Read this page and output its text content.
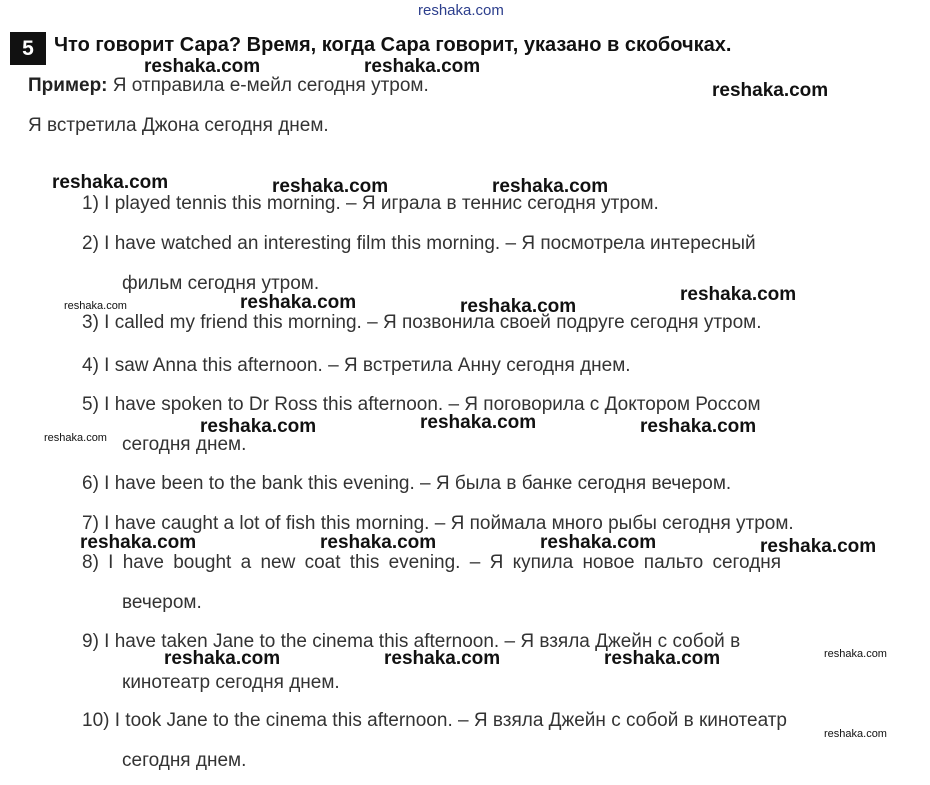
reshaka.com
5	Что говорит Сара? Время, когда Сара говорит, указано в скобочках.
Пример: Я отправила е-мейл сегодня утром.
Я встретила Джона сегодня днем.
1) I played tennis this morning. – Я играла в теннис сегодня утром.
2) I have watched an interesting film this morning. – Я посмотрела интересный
фильм сегодня утром.
3) I called my friend this morning. – Я позвонила своей подруге сегодня утром.
4) I saw Anna this afternoon. – Я встретила Анну сегодня днем.
5) I have spoken to Dr Ross this afternoon. – Я поговорила с Доктором Россом
сегодня днем.
6) I have been to the bank this evening. – Я была в банке сегодня вечером.
7) I have caught a lot of fish this morning. – Я поймала много рыбы сегодня утром.
8) I have bought a new coat this evening. – Я купила новое пальто сегодня
вечером.
9) I have taken Jane to the cinema this afternoon. – Я взяла Джейн с собой в
кинотеатр сегодня днем.
10) I took Jane to the cinema this afternoon. – Я взяла Джейн с собой в кинотеатр
сегодня днем.
reshaka.com	reshaka.com
reshaka.com
reshaka.com	reshaka.com	reshaka.com
reshaka.com	reshaka.com
reshaka.com
reshaka.com	reshaka.com	reshaka.com
reshaka.com	reshaka.com	reshaka.com	reshaka.com
reshaka.com	reshaka.com	reshaka.com
reshaka.com
reshaka.com
reshaka.com
reshaka.com
